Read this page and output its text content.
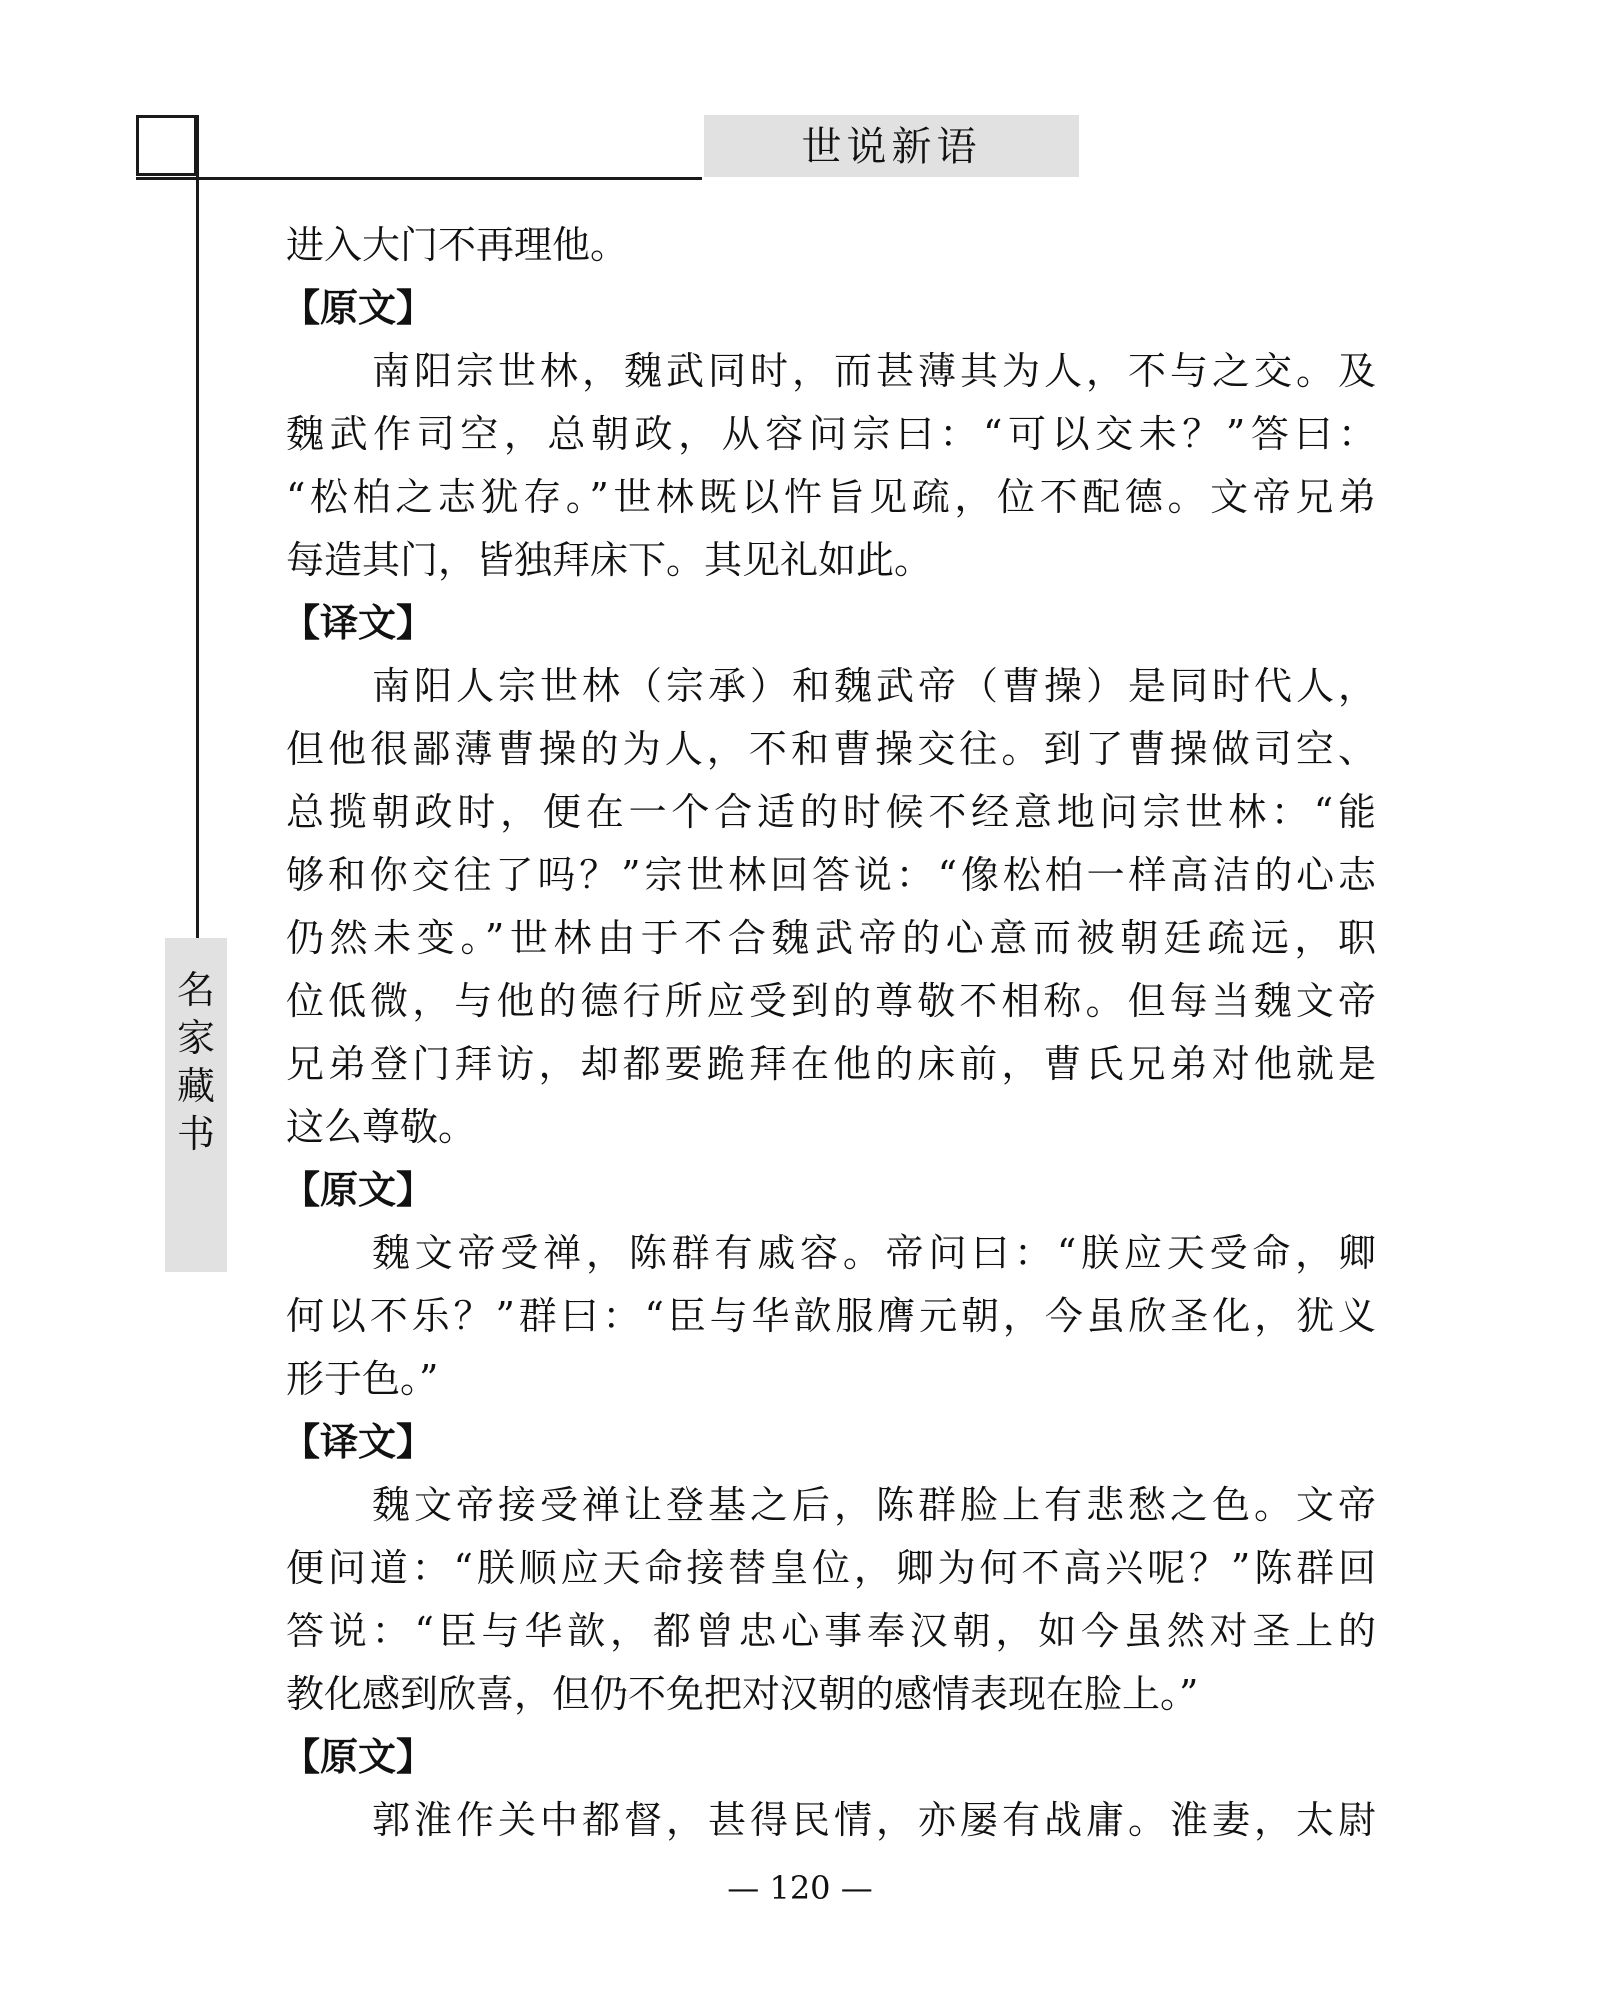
世说新语
名
家
藏
书
进入大门不再理他。
【原文】
南阳宗世林，魏武同时，而甚薄其为人，不与之交。及
魏武作司空，总朝政，从容问宗曰：“可以交未？”答曰：
“松柏之志犹存。”世林既以忤旨见疏，位不配德。文帝兄弟
每造其门，皆独拜床下。其见礼如此。
【译文】
南阳人宗世林（宗承）和魏武帝（曹操）是同时代人，
但他很鄙薄曹操的为人，不和曹操交往。到了曹操做司空、
总揽朝政时，便在一个合适的时候不经意地问宗世林：“能
够和你交往了吗？”宗世林回答说：“像松柏一样高洁的心志
仍然未变。”世林由于不合魏武帝的心意而被朝廷疏远，职
位低微，与他的德行所应受到的尊敬不相称。但每当魏文帝
兄弟登门拜访，却都要跪拜在他的床前，曹氏兄弟对他就是
这么尊敬。
【原文】
魏文帝受禅，陈群有戚容。帝问曰：“朕应天受命，卿
何以不乐？”群曰：“臣与华歆服膺元朝，今虽欣圣化，犹义
形于色。”
【译文】
魏文帝接受禅让登基之后，陈群脸上有悲愁之色。文帝
便问道：“朕顺应天命接替皇位，卿为何不高兴呢？”陈群回
答说：“臣与华歆，都曾忠心事奉汉朝，如今虽然对圣上的
教化感到欣喜，但仍不免把对汉朝的感情表现在脸上。”
【原文】
郭淮作关中都督，甚得民情，亦屡有战庸。淮妻，太尉
— 120 —
